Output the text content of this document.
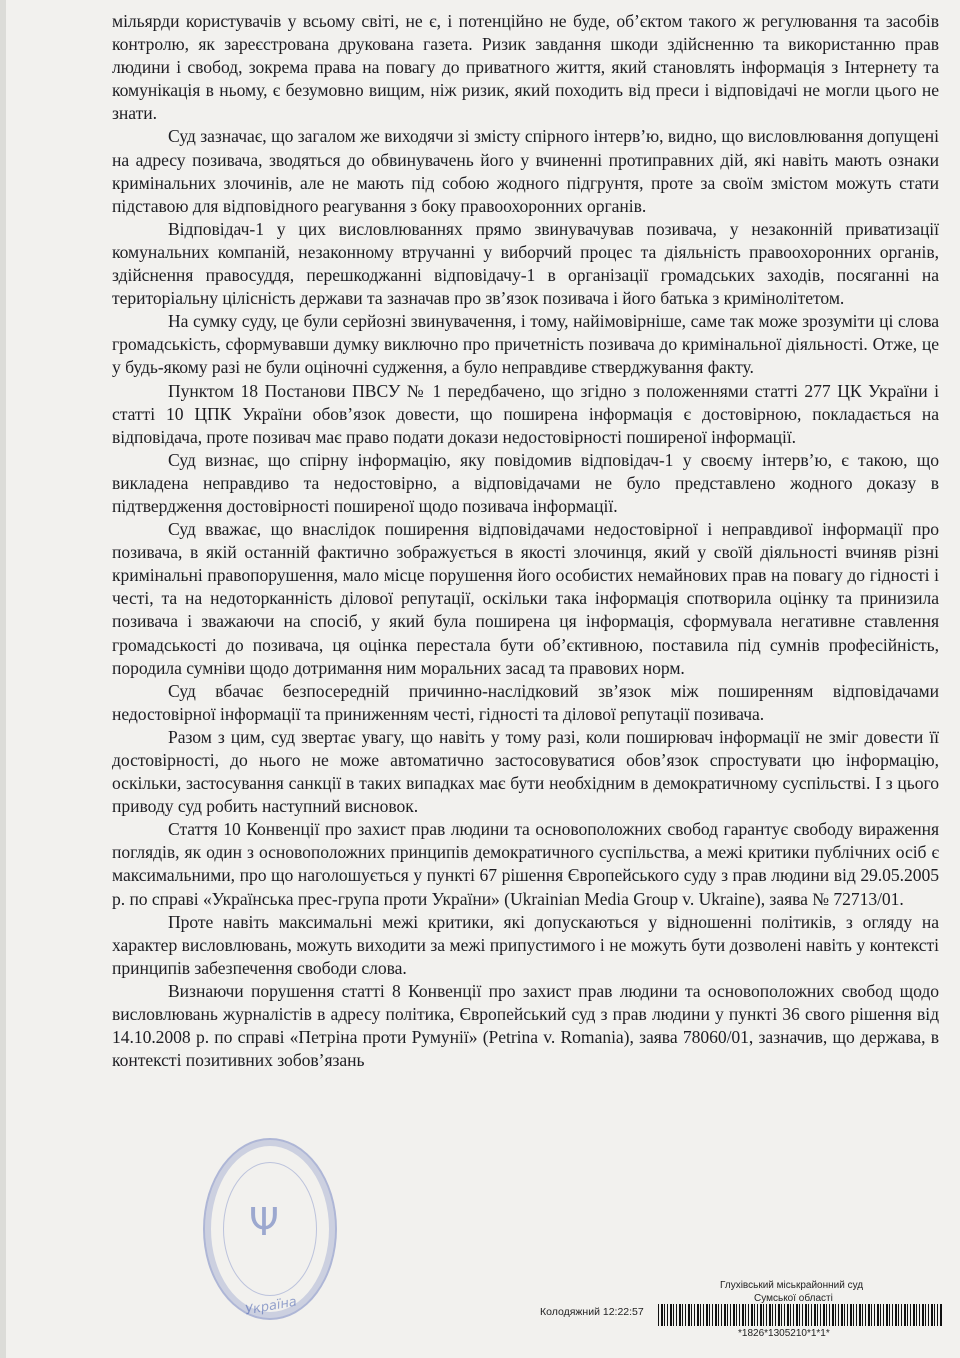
мільярди користувачів у всьому світі, не є, і потенційно не буде, об’єктом такого ж регулювання та засобів контролю, як зареєстрована друкована газета. Ризик завдання шкоди здійсненню та використанню прав людини і свобод, зокрема права на повагу до приватного життя, який становлять інформація з Інтернету та комунікація в ньому, є безумовно вищим, ніж ризик, який походить від преси і відповідачі не могли цього не знати.

Суд зазначає, що загалом же виходячи зі змісту спірного інтерв’ю, видно, що висловлювання допущені на адресу позивача, зводяться до обвинувачень його у вчиненні протиправних дій, які навіть мають ознаки кримінальних злочинів, але не мають під собою жодного підгрунтя, проте за своїм змістом можуть стати підставою для відповідного реагування з боку правоохоронних органів.

Відповідач-1 у цих висловлюваннях прямо звинувачував позивача, у незаконній приватизації комунальних компаній, незаконному втручанні у виборчий процес та діяльність правоохоронних органів, здійснення правосуддя, перешкоджанні відповідачу-1 в організації громадських заходів, посяганні на територіальну цілісність держави та зазначав про зв’язок позивача і його батька з кримінолітетом.

На сумку суду, це були серйозні звинувачення, і тому, найімовірніше, саме так може зрозуміти ці слова громадськість, сформувавши думку виключно про причетність позивача до кримінальної діяльності. Отже, це у будь-якому разі не були оціночні судження, а було неправдиве стверджування факту.

Пунктом 18 Постанови ПВСУ № 1 передбачено, що згідно з положеннями статті 277 ЦК України і статті 10 ЦПК України обов’язок довести, що поширена інформація є достовірною, покладається на відповідача, проте позивач має право подати докази недостовірності поширеної інформації.

Суд визнає, що спірну інформацію, яку повідомив відповідач-1 у своєму інтерв’ю, є такою, що викладена неправдиво та недостовірно, а відповідачами не було представлено жодного доказу в підтвердження достовірності поширеної щодо позивача інформації.

Суд вважає, що внаслідок поширення відповідачами недостовірної і неправдивої інформації про позивача, в якій останній фактично зображується в якості злочинця, який у своїй діяльності вчиняв різні кримінальні правопорушення, мало місце порушення його особистих немайнових прав на повагу до гідності і честі, та на недоторканність ділової репутації, оскільки така інформація спотворила оцінку та принизила позивача і зважаючи на спосіб, у який була поширена ця інформація, сформувала негативне ставлення громадськості до позивача, ця оцінка перестала бути об’єктивною, поставила під сумнів професійність, породила сумніви щодо дотримання ним моральних засад та правових норм.

Суд вбачає безпосередній причинно-наслідковий зв’язок між поширенням відповідачами недостовірної інформації та приниженням честі, гідності та ділової репутації позивача.

Разом з цим, суд звертає увагу, що навіть у тому разі, коли поширювач інформації не зміг довести її достовірності, до нього не може автоматично застосовуватися обов’язок спростувати цю інформацію, оскільки, застосування санкції в таких випадках має бути необхідним в демократичному суспільстві. І з цього приводу суд робить наступний висновок.

Стаття 10 Конвенції про захист прав людини та основоположних свобод гарантує свободу вираження поглядів, як один з основоположних принципів демократичного суспільства, а межі критики публічних осіб є максимальними, про що наголошується у пункті 67 рішення Європейського суду з прав людини від 29.05.2005 р. по справі «Українська прес-група проти України» (Ukrainian Media Group v. Ukraine), заява № 72713/01.

Проте навіть максимальні межі критики, які допускаються у відношенні політиків, з огляду на характер висловлювань, можуть виходити за межі припустимого і не можуть бути дозволені навіть у контексті принципів забезпечення свободи слова.

Визнаючи порушення статті 8 Конвенції про захист прав людини та основоположних свобод щодо висловлювань журналістів в адресу політика, Європейський суд з прав людини у пункті 36 свого рішення від 14.10.2008 р. по справі «Петріна проти Румунії» (Petrina v. Romania), заява 78060/01, зазначив, що держава, в контексті позитивних зобов’язань

Ψ
Україна
Глухівський міськрайонний суд
Сумської області
Колодяжний 12:22:57
*1826*1305210*1*1*
